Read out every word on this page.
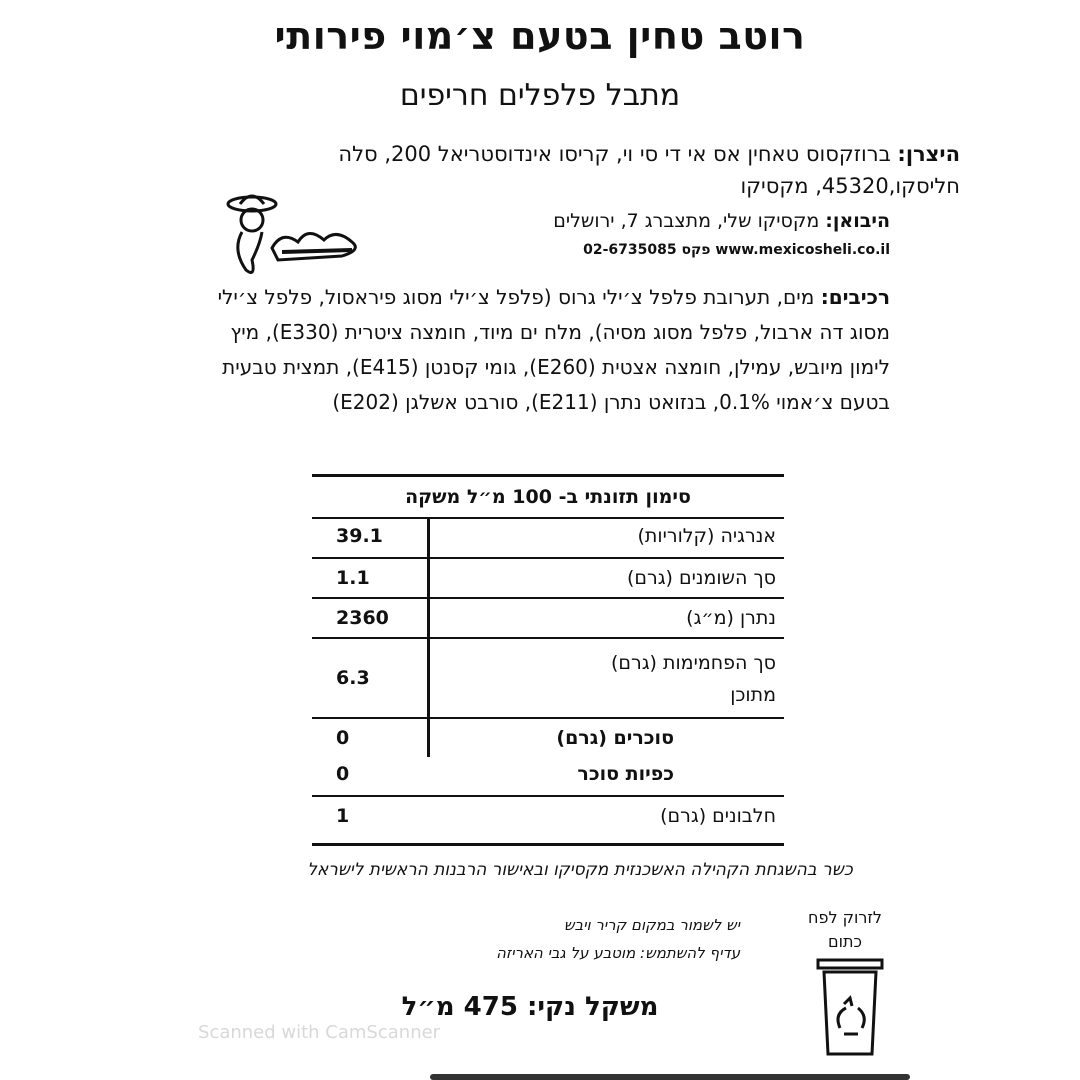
רוטב טחין בטעם צ׳מוי פירותי
מתבל פלפלים חריפים
היצרן: ברוזקסוס טאחין אס אי די סי וי, קריסו אינדוסטריאל 200, סלה חליסקו,45320, מקסיקו
היבואן: מקסיקו שלי, מתצברג 7, ירושלים
02-6735085 פקס www.mexicosheli.co.il
רכיבים: מים, תערובת פלפל צ׳ילי גרוס (פלפל צ׳ילי מסוג פיראסול, פלפל צ׳ילי מסוג דה ארבול, פלפל מסוג מסיה), מלח ים מיוד, חומצה ציטרית (E330), מיץ לימון מיובש, עמילן, חומצה אצטית (E260), גומי קסנטן (E415), תמצית טבעית בטעם צ׳אמוי 0.1%, בנזואט נתרן (E211), סורבט אשלגן (E202)
סימון תזונתי ב- 100 מ״ל משקה
אנרגיה (קלוריות)
39.1
סך השומנים (גרם)
1.1
נתרן (מ״ג)
2360
סך הפחמימות (גרם) מתוכן
6.3
סוכרים (גרם)
0
כפיות סוכר
0
חלבונים (גרם)
1
כשר בהשגחת הקהילה האשכנזית מקסיקו ובאישור הרבנות הראשית לישראל
יש לשמור במקום קריר ויבש
עדיף להשתמש: מוטבע על גבי האריזה
משקל נקי: 475 מ״ל
לזרוק לפח כתום
Scanned with CamScanner
